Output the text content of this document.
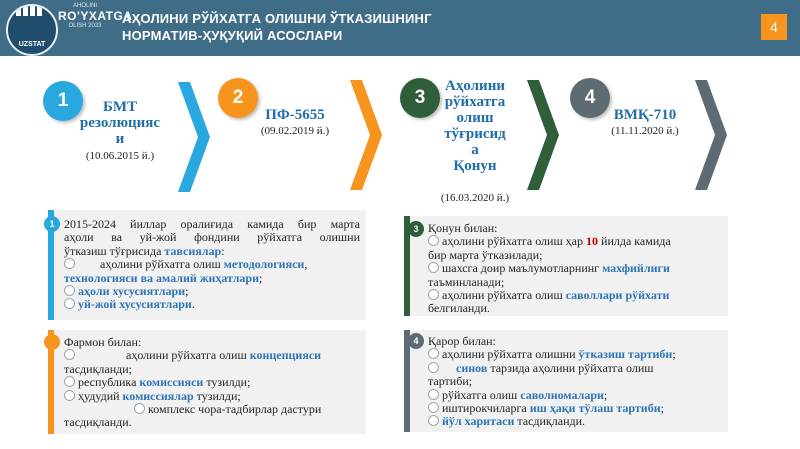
UZSTAT
AHOLINI
RO'YXATGA
OLISH 2023	АҲОЛИНИ РЎЙХАТГА ОЛИШНИ ЎТКАЗИШНИНГ
НОРМАТИВ-ҲУҚУҚИЙ АСОСЛАРИ
4
1	БМТ
резолюцияс
и
(10.06.2015 й.)
2
ПФ-5655
(09.02.2019 й.)
3
Аҳолини
рўйхатга
олиш
тўғрисид
а
Қонун
(16.03.2020 й.)
4
ВМҚ-710
(11.11.2020 й.)
1 2015-2024 йиллар оралиғида камида бир марта
аҳоли ва уй-жой фондини рўйхатга олишни
ўтказиш тўғрисида тавсиялар:
аҳолини рўйхатга олиш методологияси,
технологияси ва амалий жиҳатлари;
аҳоли хусусиятлари;
уй-жой хусусиятлари.
Фармон билан:
аҳолини рўйхатга олиш концепцияси
тасдиқланди;
республика комиссияси тузилди;
ҳудудий комиссиялар тузилди;
комплекс чора-тадбирлар дастури
тасдиқланди.
3 Қонун билан:
аҳолини рўйхатга олиш ҳар 10 йилда камида
бир марта ўтказилади;
шахсга доир маълумотларнинг махфийлиги
таъминланади;
аҳолини рўйхатга олиш саволлари рўйхати
белгиланди.
4 Қарор билан:
аҳолини рўйхатга олишни ўтказиш тартиби;
синов тарзида аҳолини рўйхатга олиш
тартиби;
рўйхатга олиш саволномалари;
иштирокчиларга иш ҳақи тўлаш тартиби;
йўл харитаси тасдиқланди.
